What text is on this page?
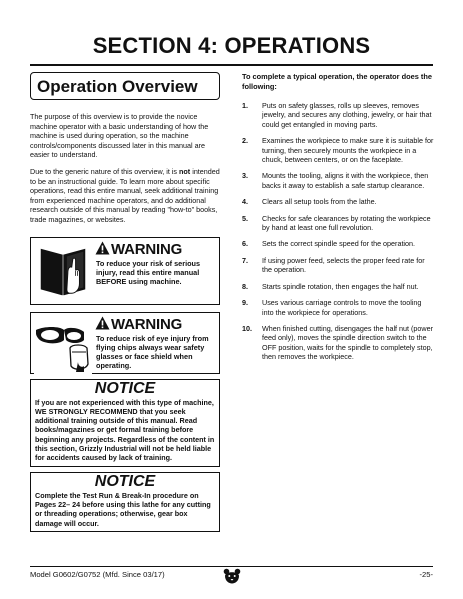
SECTION 4: OPERATIONS
Operation Overview
The purpose of this overview is to provide the novice machine operator with a basic understanding of how the machine is used during operation, so the machine controls/components discussed later in this manual are easier to understand.
Due to the generic nature of this overview, it is not intended to be an instructional guide. To learn more about specific operations, read this entire manual, seek additional training from experienced machine operators, and do additional research outside of this manual by reading "how-to" books, trade magazines, or websites.
WARNING
To reduce your risk of serious injury, read this entire manual BEFORE using machine.
WARNING
To reduce risk of eye injury from flying chips always wear safety glasses or face shield when operating.
NOTICE
If you are not experienced with this type of machine, WE STRONGLY RECOMMEND that you seek additional training outside of this manual. Read books/magazines or get formal training before beginning any projects. Regardless of the content in this section, Grizzly Industrial will not be held liable for accidents caused by lack of training.
NOTICE
Complete the Test Run & Break-In procedure on Pages 22– 24 before using this lathe for any cutting or threading operations; otherwise, gear box damage will occur.
To complete a typical operation, the operator does the following:
1.	Puts on safety glasses, rolls up sleeves, removes jewelry, and secures any clothing, jewelry, or hair that could get entangled in moving parts.
2.	Examines the workpiece to make sure it is suitable for turning, then securely mounts the workpiece in a chuck, between centers, or on the faceplate.
3.	Mounts the tooling, aligns it with the workpiece, then backs it away to establish a safe startup clearance.
4.	Clears all setup tools from the lathe.
5.	Checks for safe clearances by rotating the workpiece by hand at least one full revolution.
6.	Sets the correct spindle speed for the operation.
7.	If using power feed, selects the proper feed rate for the operation.
8.	Starts spindle rotation, then engages the half nut.
9.	Uses various carriage controls to move the tooling into the workpiece for operations.
10.	When finished cutting, disengages the half nut (power feed only), moves the spindle direction switch to the OFF position, waits for the spindle to completely stop, then removes the workpiece.
Model G0602/G0752 (Mfd. Since 03/17)	-25-
